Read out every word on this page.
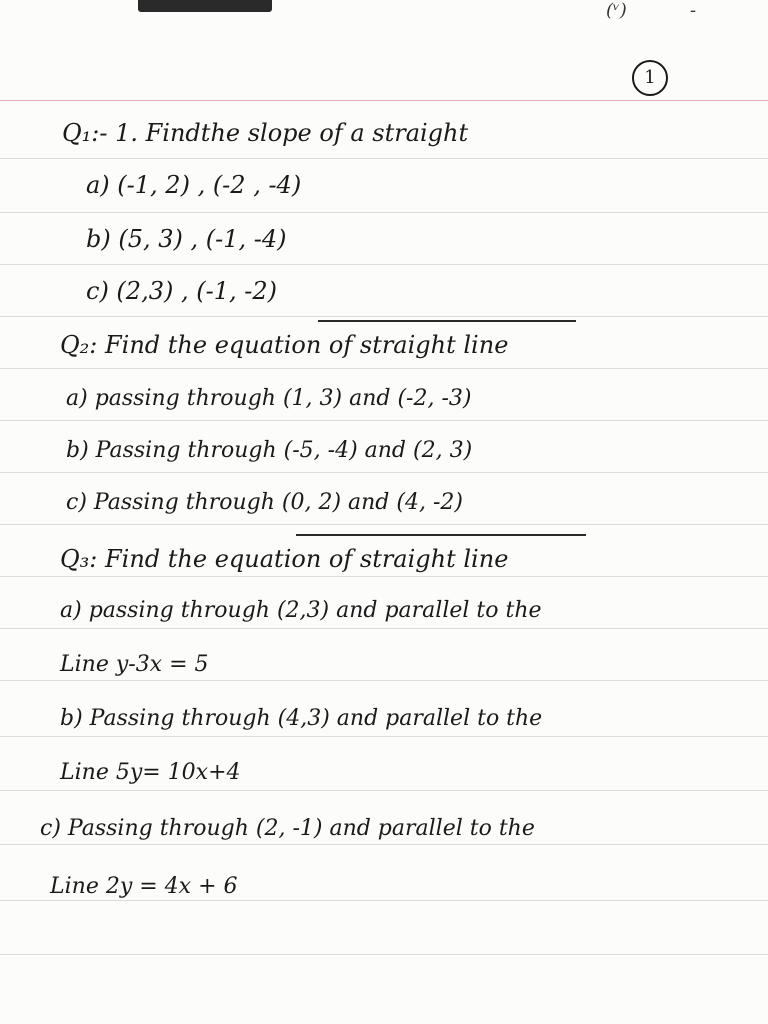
(ᵛ)	-
1
Q₁:- 1. Findthe slope of a straight
a) (-1, 2) , (-2 , -4)
b) (5, 3) , (-1, -4)
c) (2,3) , (-1, -2)
Q₂: Find the equation of straight line
a) passing through (1, 3) and (-2, -3)
b) Passing through (-5, -4) and (2, 3)
c) Passing through (0, 2) and (4, -2)
Q₃: Find the equation of straight line
a) passing through (2,3) and parallel to the
Line y-3x = 5
b) Passing through (4,3) and parallel to the
Line 5y= 10x+4
c) Passing through (2, -1) and parallel to the
Line 2y = 4x + 6
